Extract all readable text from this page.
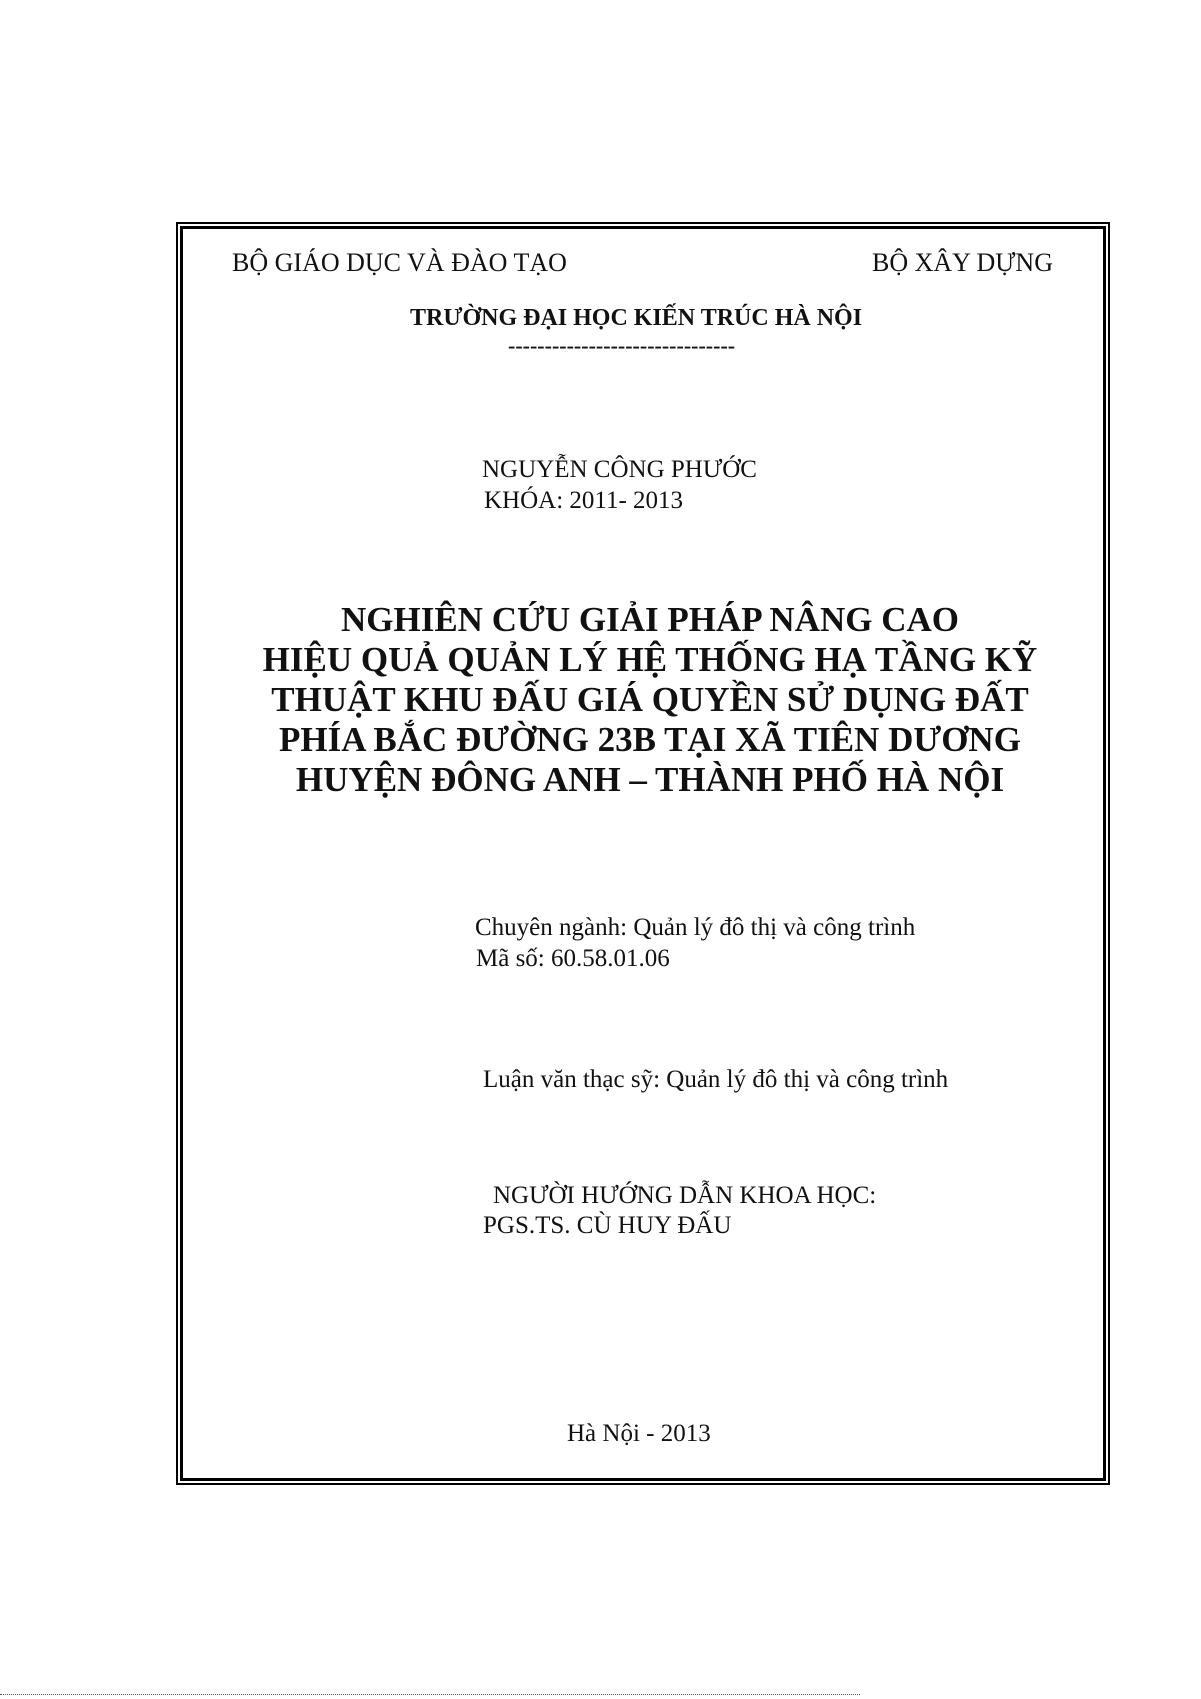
BỘ GIÁO DỤC VÀ ĐÀO TẠO	BỘ XÂY DỰNG
TRƯỜNG ĐẠI HỌC KIẾN TRÚC HÀ NỘI
-------------------------------
NGUYỄN CÔNG PHƯỚC
KHÓA: 2011- 2013
NGHIÊN CỨU GIẢI PHÁP NÂNG CAO
HIỆU QUẢ QUẢN LÝ HỆ THỐNG HẠ TẦNG KỸ
THUẬT KHU ĐẤU GIÁ QUYỀN SỬ DỤNG ĐẤT
PHÍA BẮC ĐƯỜNG 23B TẠI XÃ TIÊN DƯƠNG
HUYỆN ĐÔNG ANH – THÀNH PHỐ HÀ NỘI
Chuyên ngành: Quản lý đô thị và công trình
Mã số: 60.58.01.06
Luận văn thạc sỹ: Quản lý đô thị và công trình
NGƯỜI HƯỚNG DẪN KHOA HỌC:
PGS.TS. CÙ HUY ĐẤU
Hà Nội - 2013
